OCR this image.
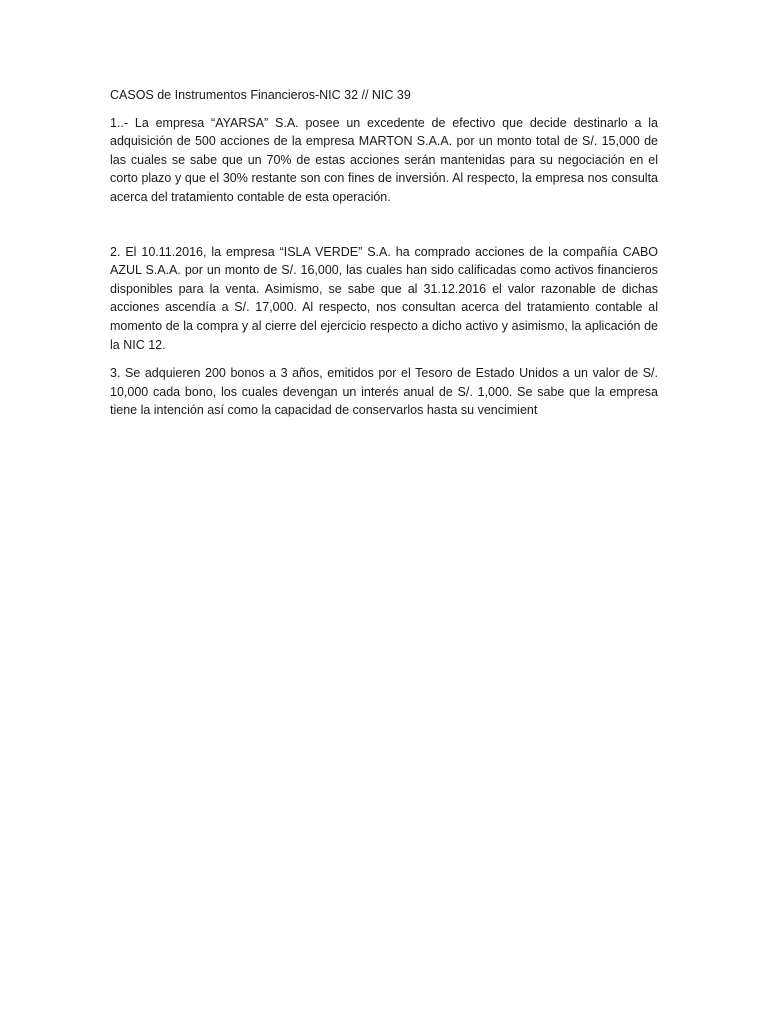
CASOS de Instrumentos Financieros-NIC 32 // NIC 39

1..- La empresa “AYARSA” S.A. posee un excedente de efectivo que decide destinarlo a la adquisición de 500 acciones de la empresa MARTON S.A.A. por un monto total de S/. 15,000 de las cuales se sabe que un 70% de estas acciones serán mantenidas para su negociación en el corto plazo y que el 30% restante son con fines de inversión. Al respecto, la empresa nos consulta acerca del tratamiento contable de esta operación.

2. El 10.11.2016, la empresa “ISLA VERDE” S.A. ha comprado acciones de la compañía CABO AZUL S.A.A. por un monto de S/. 16,000, las cuales han sido calificadas como activos financieros disponibles para la venta. Asimismo, se sabe que al 31.12.2016 el valor razonable de dichas acciones ascendía a S/. 17,000. Al respecto, nos consultan acerca del tratamiento contable al momento de la compra y al cierre del ejercicio respecto a dicho activo y asimismo, la aplicación de la NIC 12.

3. Se adquieren 200 bonos a 3 años, emitidos por el Tesoro de Estado Unidos a un valor de S/. 10,000 cada bono, los cuales devengan un interés anual de S/. 1,000. Se sabe que la empresa tiene la intención así como la capacidad de conservarlos hasta su vencimient
